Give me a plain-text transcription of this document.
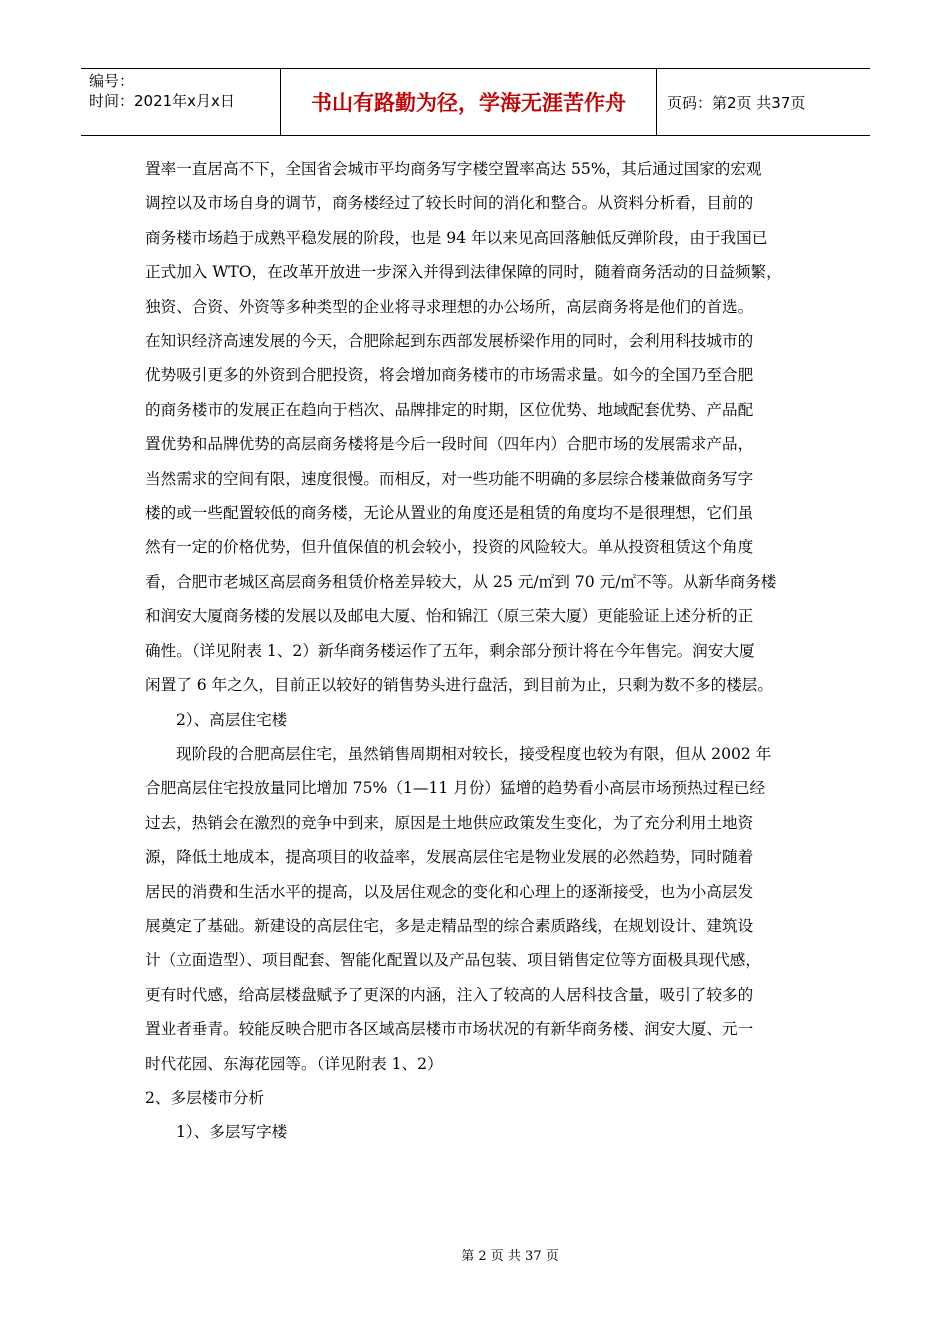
编号：
时间：2021年x月x日	书山有路勤为径，学海无涯苦作舟	页码：第2页 共37页
置率一直居高不下，全国省会城市平均商务写字楼空置率高达 55%，其后通过国家的宏观
调控以及市场自身的调节，商务楼经过了较长时间的消化和整合。从资料分析看，目前的
商务楼市场趋于成熟平稳发展的阶段，也是 94 年以来见高回落触低反弹阶段，由于我国已
正式加入 WTO，在改革开放进一步深入并得到法律保障的同时，随着商务活动的日益频繁，
独资、合资、外资等多种类型的企业将寻求理想的办公场所，高层商务将是他们的首选。
在知识经济高速发展的今天，合肥除起到东西部发展桥梁作用的同时，会利用科技城市的
优势吸引更多的外资到合肥投资，将会增加商务楼市的市场需求量。如今的全国乃至合肥
的商务楼市的发展正在趋向于档次、品牌排定的时期，区位优势、地域配套优势、产品配
置优势和品牌优势的高层商务楼将是今后一段时间（四年内）合肥市场的发展需求产品，
当然需求的空间有限，速度很慢。而相反，对一些功能不明确的多层综合楼兼做商务写字
楼的或一些配置较低的商务楼，无论从置业的角度还是租赁的角度均不是很理想，它们虽
然有一定的价格优势，但升值保值的机会较小，投资的风险较大。单从投资租赁这个角度
看，合肥市老城区高层商务租赁价格差异较大，从 25 元/㎡到 70 元/㎡不等。从新华商务楼
和润安大厦商务楼的发展以及邮电大厦、怡和锦江（原三荣大厦）更能验证上述分析的正
确性。（详见附表 1、2）新华商务楼运作了五年，剩余部分预计将在今年售完。润安大厦
闲置了 6 年之久，目前正以较好的销售势头进行盘活，到目前为止，只剩为数不多的楼层。
2）、高层住宅楼
现阶段的合肥高层住宅，虽然销售周期相对较长，接受程度也较为有限，但从 2002 年
合肥高层住宅投放量同比增加 75%（1—11 月份）猛增的趋势看小高层市场预热过程已经
过去，热销会在激烈的竞争中到来，原因是土地供应政策发生变化，为了充分利用土地资
源，降低土地成本，提高项目的收益率，发展高层住宅是物业发展的必然趋势，同时随着
居民的消费和生活水平的提高，以及居住观念的变化和心理上的逐渐接受，也为小高层发
展奠定了基础。新建设的高层住宅，多是走精品型的综合素质路线，在规划设计、建筑设
计（立面造型）、项目配套、智能化配置以及产品包装、项目销售定位等方面极具现代感，
更有时代感，给高层楼盘赋予了更深的内涵，注入了较高的人居科技含量，吸引了较多的
置业者垂青。较能反映合肥市各区域高层楼市市场状况的有新华商务楼、润安大厦、元一
时代花园、东海花园等。（详见附表 1、2）
2、多层楼市分析
1）、多层写字楼
第 2 页 共 37 页
